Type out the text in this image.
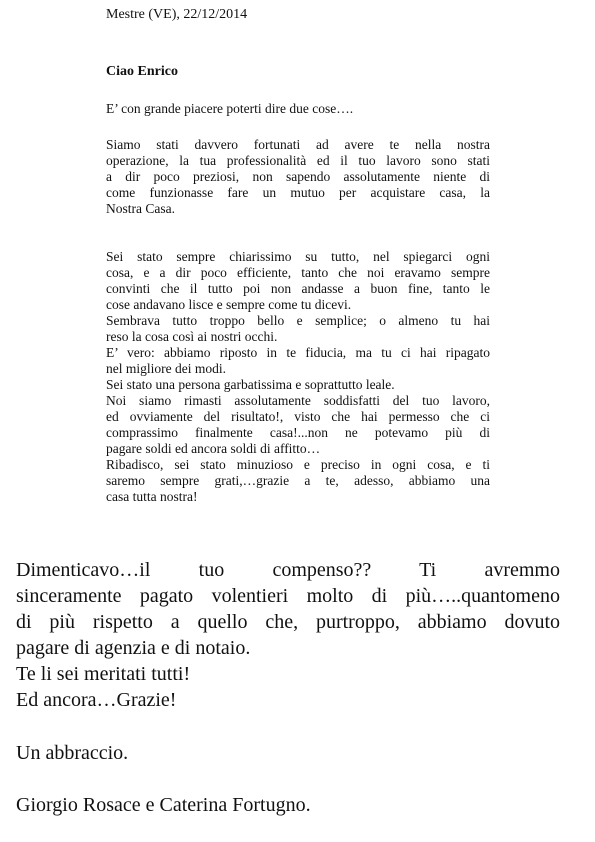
Mestre (VE), 22/12/2014
Ciao Enrico
E’ con grande piacere poterti dire due cose….
Siamo stati davvero fortunati ad avere te nella nostra
operazione, la tua professionalità ed il tuo lavoro sono stati
a dir poco preziosi, non sapendo assolutamente niente di
come funzionasse fare un mutuo per acquistare casa, la
Nostra Casa.
Sei stato sempre chiarissimo su tutto, nel spiegarci ogni
cosa, e a dir poco efficiente, tanto che noi eravamo sempre
convinti che il tutto poi non andasse a buon fine, tanto le
cose andavano lisce e sempre come tu dicevi.
Sembrava tutto troppo bello e semplice; o almeno tu hai
reso la cosa così ai nostri occhi.
E’ vero: abbiamo riposto in te fiducia, ma tu ci hai ripagato
nel migliore dei modi.
Sei stato una persona garbatissima e soprattutto leale.
Noi siamo rimasti assolutamente soddisfatti del tuo lavoro,
ed ovviamente del risultato!, visto che hai permesso che ci
comprassimo finalmente casa!...non ne potevamo più di
pagare soldi ed ancora soldi di affitto…
Ribadisco, sei stato minuzioso e preciso in ogni cosa, e ti
saremo sempre grati,…grazie a te, adesso, abbiamo una
casa tutta nostra!
Dimenticavo…il tuo compenso?? Ti avremmo
sinceramente pagato volentieri molto di più…..quantomeno
di più rispetto a quello che, purtroppo, abbiamo dovuto
pagare di agenzia e di notaio.
Te li sei meritati tutti!
Ed ancora…Grazie!
Un abbraccio.
Giorgio Rosace e Caterina Fortugno.
